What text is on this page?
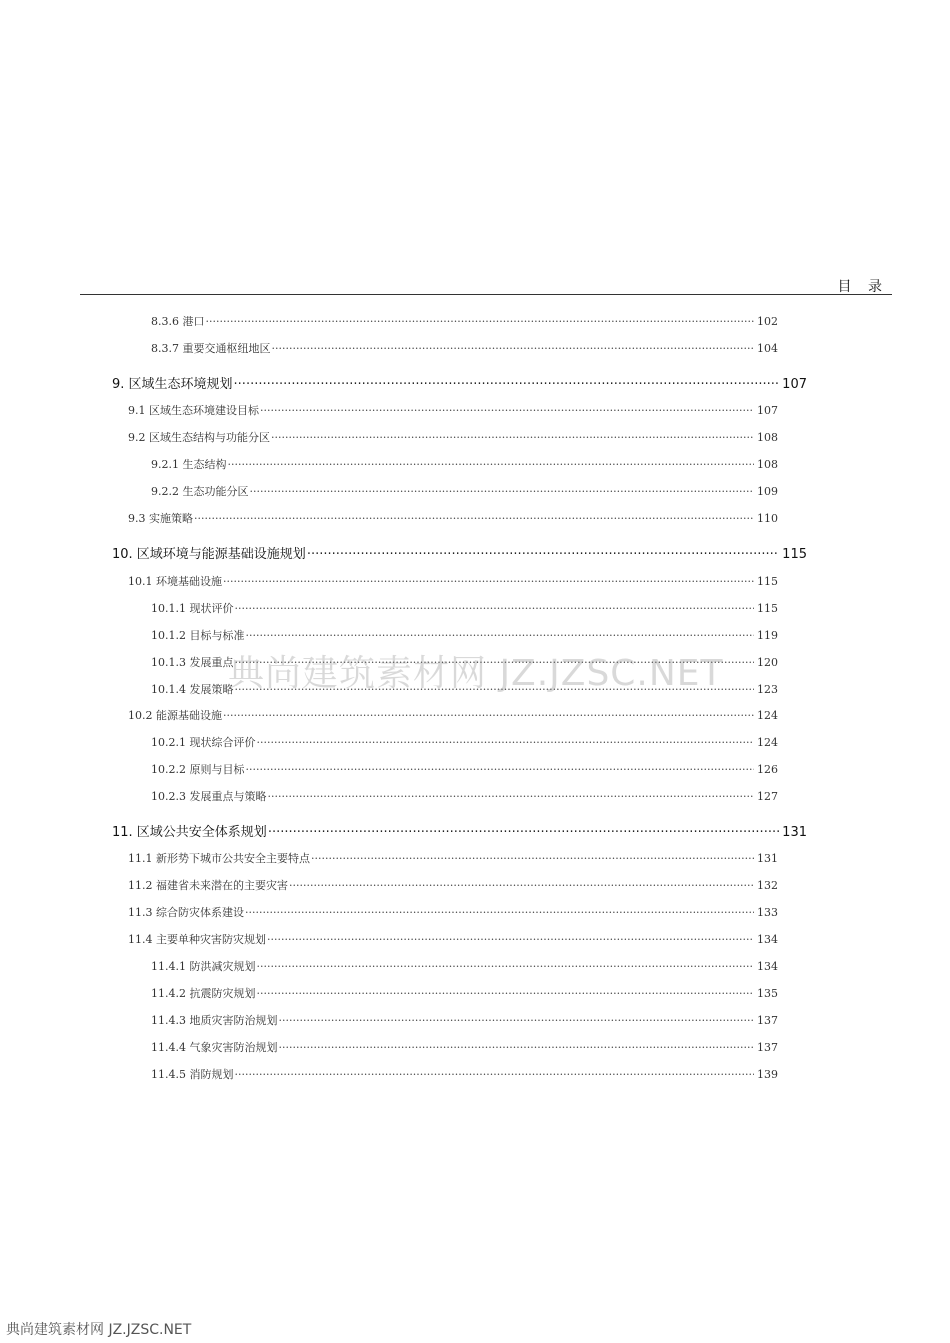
目 录
8.3.6 港口 ·····	102
8.3.7 重要交通枢纽地区 ·····	104
9. 区域生态环境规划 ·····	107
9.1 区域生态环境建设目标 ·····	107
9.2 区域生态结构与功能分区 ·····	108
9.2.1 生态结构 ·····	108
9.2.2 生态功能分区 ·····	109
9.3 实施策略 ·····	110
10. 区域环境与能源基础设施规划 ·····	115
10.1 环境基础设施 ·····	115
10.1.1 现状评价 ·····	115
10.1.2 目标与标准 ·····	119
10.1.3 发展重点 ·····	120
10.1.4 发展策略 ·····	123
10.2 能源基础设施 ·····	124
10.2.1 现状综合评价 ·····	124
10.2.2 原则与目标 ·····	126
10.2.3 发展重点与策略 ·····	127
11. 区域公共安全体系规划 ·····	131
11.1 新形势下城市公共安全主要特点 ·····	131
11.2 福建省未来潜在的主要灾害 ·····	132
11.3 综合防灾体系建设 ·····	133
11.4 主要单种灾害防灾规划 ·····	134
11.4.1 防洪减灾规划 ·····	134
11.4.2 抗震防灾规划 ·····	135
11.4.3 地质灾害防治规划 ·····	137
11.4.4 气象灾害防治规划 ·····	137
11.4.5 消防规划 ·····	139
典尚建筑素材网 JZ.JZSC.NET
典尚建筑素材网 JZ.JZSC.NET
